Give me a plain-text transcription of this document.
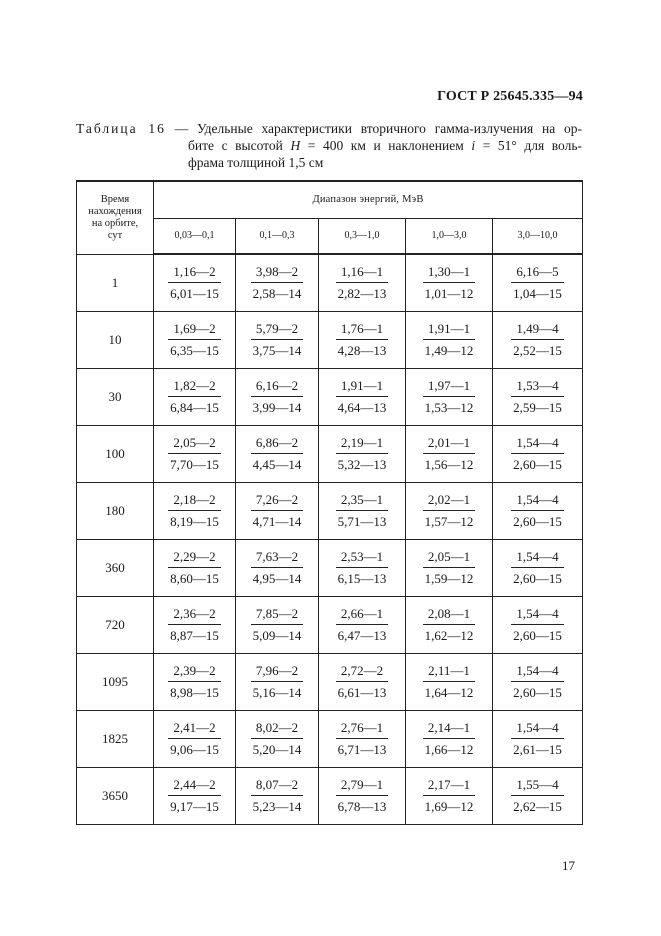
ГОСТ Р 25645.335—94
Таблица 16 — Удельные характеристики вторичного гамма-излучения на ор-
бите с высотой H = 400 км и наклонением i = 51° для воль-
фрама толщиной 1,5 см
Время
нахождения
на орбите,
сут	Диапазон энергий, МэВ				
	0,03—0,1	0,1—0,3	0,3—1,0	1,0—3,0	3,0—10,0
1	$\frac{1,16—2}{6,01—15}$	$\frac{3,98—2}{2,58—14}$	$\frac{1,16—1}{2,82—13}$	$\frac{1,30—1}{1,01—12}$	$\frac{6,16—5}{1,04—15}$

10	$\frac{1,69—2}{6,35—15}$	$\frac{5,79—2}{3,75—14}$	$\frac{1,76—1}{4,28—13}$	$\frac{1,91—1}{1,49—12}$	$\frac{1,49—4}{2,52—15}$

30	$\frac{1,82—2}{6,84—15}$	$\frac{6,16—2}{3,99—14}$	$\frac{1,91—1}{4,64—13}$	$\frac{1,97—1}{1,53—12}$	$\frac{1,53—4}{2,59—15}$

100	$\frac{2,05—2}{7,70—15}$	$\frac{6,86—2}{4,45—14}$	$\frac{2,19—1}{5,32—13}$	$\frac{2,01—1}{1,56—12}$	$\frac{1,54—4}{2,60—15}$

180	$\frac{2,18—2}{8,19—15}$	$\frac{7,26—2}{4,71—14}$	$\frac{2,35—1}{5,71—13}$	$\frac{2,02—1}{1,57—12}$	$\frac{1,54—4}{2,60—15}$

360	$\frac{2,29—2}{8,60—15}$	$\frac{7,63—2}{4,95—14}$	$\frac{2,53—1}{6,15—13}$	$\frac{2,05—1}{1,59—12}$	$\frac{1,54—4}{2,60—15}$

720	$\frac{2,36—2}{8,87—15}$	$\frac{7,85—2}{5,09—14}$	$\frac{2,66—1}{6,47—13}$	$\frac{2,08—1}{1,62—12}$	$\frac{1,54—4}{2,60—15}$

1095	$\frac{2,39—2}{8,98—15}$	$\frac{7,96—2}{5,16—14}$	$\frac{2,72—2}{6,61—13}$	$\frac{2,11—1}{1,64—12}$	$\frac{1,54—4}{2,60—15}$

1825	$\frac{2,41—2}{9,06—15}$	$\frac{8,02—2}{5,20—14}$	$\frac{2,76—1}{6,71—13}$	$\frac{2,14—1}{1,66—12}$	$\frac{1,54—4}{2,61—15}$

3650	$\frac{2,44—2}{9,17—15}$	$\frac{8,07—2}{5,23—14}$	$\frac{2,79—1}{6,78—13}$	$\frac{2,17—1}{1,69—12}$	$\frac{1,55—4}{2,62—15}$
17
